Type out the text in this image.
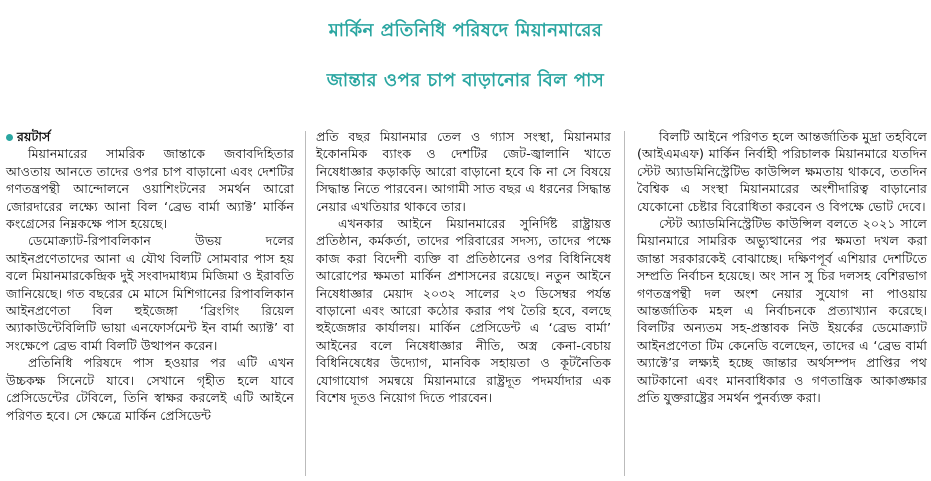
মার্কিন প্রতিনিধি পরিষদে মিয়ানমারের
জান্তার ওপর চাপ বাড়ানোর বিল পাস
রয়টার্স

মিয়ানমারের সামরিক জান্তাকে জবাবদিহিতার আওতায় আনতে তাদের ওপর চাপ বাড়ানো এবং দেশটির গণতন্ত্রপন্থী আন্দোলনে ওয়াশিংটনের সমর্থন আরো জোরদারের লক্ষ্যে আনা বিল ‘ব্রেভ বার্মা অ্যাক্ট’ মার্কিন কংগ্রেসের নিম্নকক্ষে পাস হয়েছে।

ডেমোক্র্যাট-রিপাবলিকান উভয় দলের আইনপ্রণেতাদের আনা এ যৌথ বিলটি সোমবার পাস হয় বলে মিয়ানমারকেন্দ্রিক দুই সংবাদমাধ্যম মিজিমা ও ইরাবতি জানিয়েছে। গত বছরের মে মাসে মিশিগানের রিপাবলিকান আইনপ্রণেতা বিল হুইজেঙ্গা ‘ব্রিংগিং রিয়েল অ্যাকাউন্টেবিলিটি ভায়া এনফোর্সমেন্ট ইন বার্মা অ্যাক্ট’ বা সংক্ষেপে ব্রেভ বার্মা বিলটি উত্থাপন করেন।

প্রতিনিধি পরিষদে পাস হওয়ার পর এটি এখন উচ্চকক্ষ সিনেটে যাবে। সেখানে গৃহীত হলে যাবে প্রেসিডেন্টের টেবিলে, তিনি স্বাক্ষর করলেই এটি আইনে পরিণত হবে। সে ক্ষেত্রে মার্কিন প্রেসিডেন্ট

প্রতি বছর মিয়ানমার তেল ও গ্যাস সংস্থা, মিয়ানমার ইকোনমিক ব্যাংক ও দেশটির জেট-জ্বালানি খাতে নিষেধাজ্ঞার কড়াকড়ি আরো বাড়ানো হবে কি না সে বিষয়ে সিদ্ধান্ত নিতে পারবেন। আগামী সাত বছর এ ধরনের সিদ্ধান্ত নেয়ার এখতিয়ার থাকবে তার।

এখনকার আইনে মিয়ানমারের সুনির্দিষ্ট রাষ্ট্রায়ত্ত প্রতিষ্ঠান, কর্মকর্তা, তাদের পরিবারের সদস্য, তাদের পক্ষে কাজ করা বিদেশী ব্যক্তি বা প্রতিষ্ঠানের ওপর বিধিনিষেধ আরোপের ক্ষমতা মার্কিন প্রশাসনের রয়েছে। নতুন আইনে নিষেধাজ্ঞার মেয়াদ ২০৩২ সালের ২৩ ডিসেম্বর পর্যন্ত বাড়ানো এবং আরো কঠোর করার পথ তৈরি হবে, বলছে হুইজেঙ্গার কার্যালয়। মার্কিন প্রেসিডেন্ট এ ‘ব্রেভ বার্মা’ আইনের বলে নিষেধাজ্ঞার নীতি, অস্ত্র কেনা-বেচায় বিধিনিষেধের উদ্যোগ, মানবিক সহায়তা ও কূটনৈতিক যোগাযোগ সমন্বয়ে মিয়ানমারে রাষ্ট্রদূত পদমর্যাদার এক বিশেষ দূতও নিয়োগ দিতে পারবেন।

বিলটি আইনে পরিণত হলে আন্তর্জাতিক মুদ্রা তহবিলে (আইএমএফ) মার্কিন নির্বাহী পরিচালক মিয়ানমারে যতদিন স্টেট অ্যাডমিনিস্ট্রেটিভ কাউন্সিল ক্ষমতায় থাকবে, ততদিন বৈশ্বিক এ সংস্থা মিয়ানমারের অংশীদারিত্ব বাড়ানোর যেকোনো চেষ্টার বিরোধিতা করবেন ও বিপক্ষে ভোট দেবে।

স্টেট অ্যাডমিনিস্ট্রেটিভ কাউন্সিল বলতে ২০২১ সালে মিয়ানমারে সামরিক অভ্যুত্থানের পর ক্ষমতা দখল করা জান্তা সরকারকেই বোঝাচ্ছে। দক্ষিণপূর্ব এশিয়ার দেশটিতে সম্প্রতি নির্বাচন হয়েছে। অং সান সু চির দলসহ বেশিরভাগ গণতন্ত্রপন্থী দল অংশ নেয়ার সুযোগ না পাওয়ায় আন্তর্জাতিক মহল এ নির্বাচনকে প্রত্যাখ্যান করেছে। বিলটির অন্যতম সহ-প্রস্তাবক নিউ ইয়র্কের ডেমোক্র্যাট আইনপ্রণেতা টিম কেনেডি বলেছেন, তাদের এ ‘ব্রেভ বার্মা অ্যাক্টে’র লক্ষ্যই হচ্ছে জান্তার অর্থসম্পদ প্রাপ্তির পথ আটকানো এবং মানবাধিকার ও গণতান্ত্রিক আকাঙ্ক্ষার প্রতি যুক্তরাষ্ট্রের সমর্থন পুনর্ব্যক্ত করা।
